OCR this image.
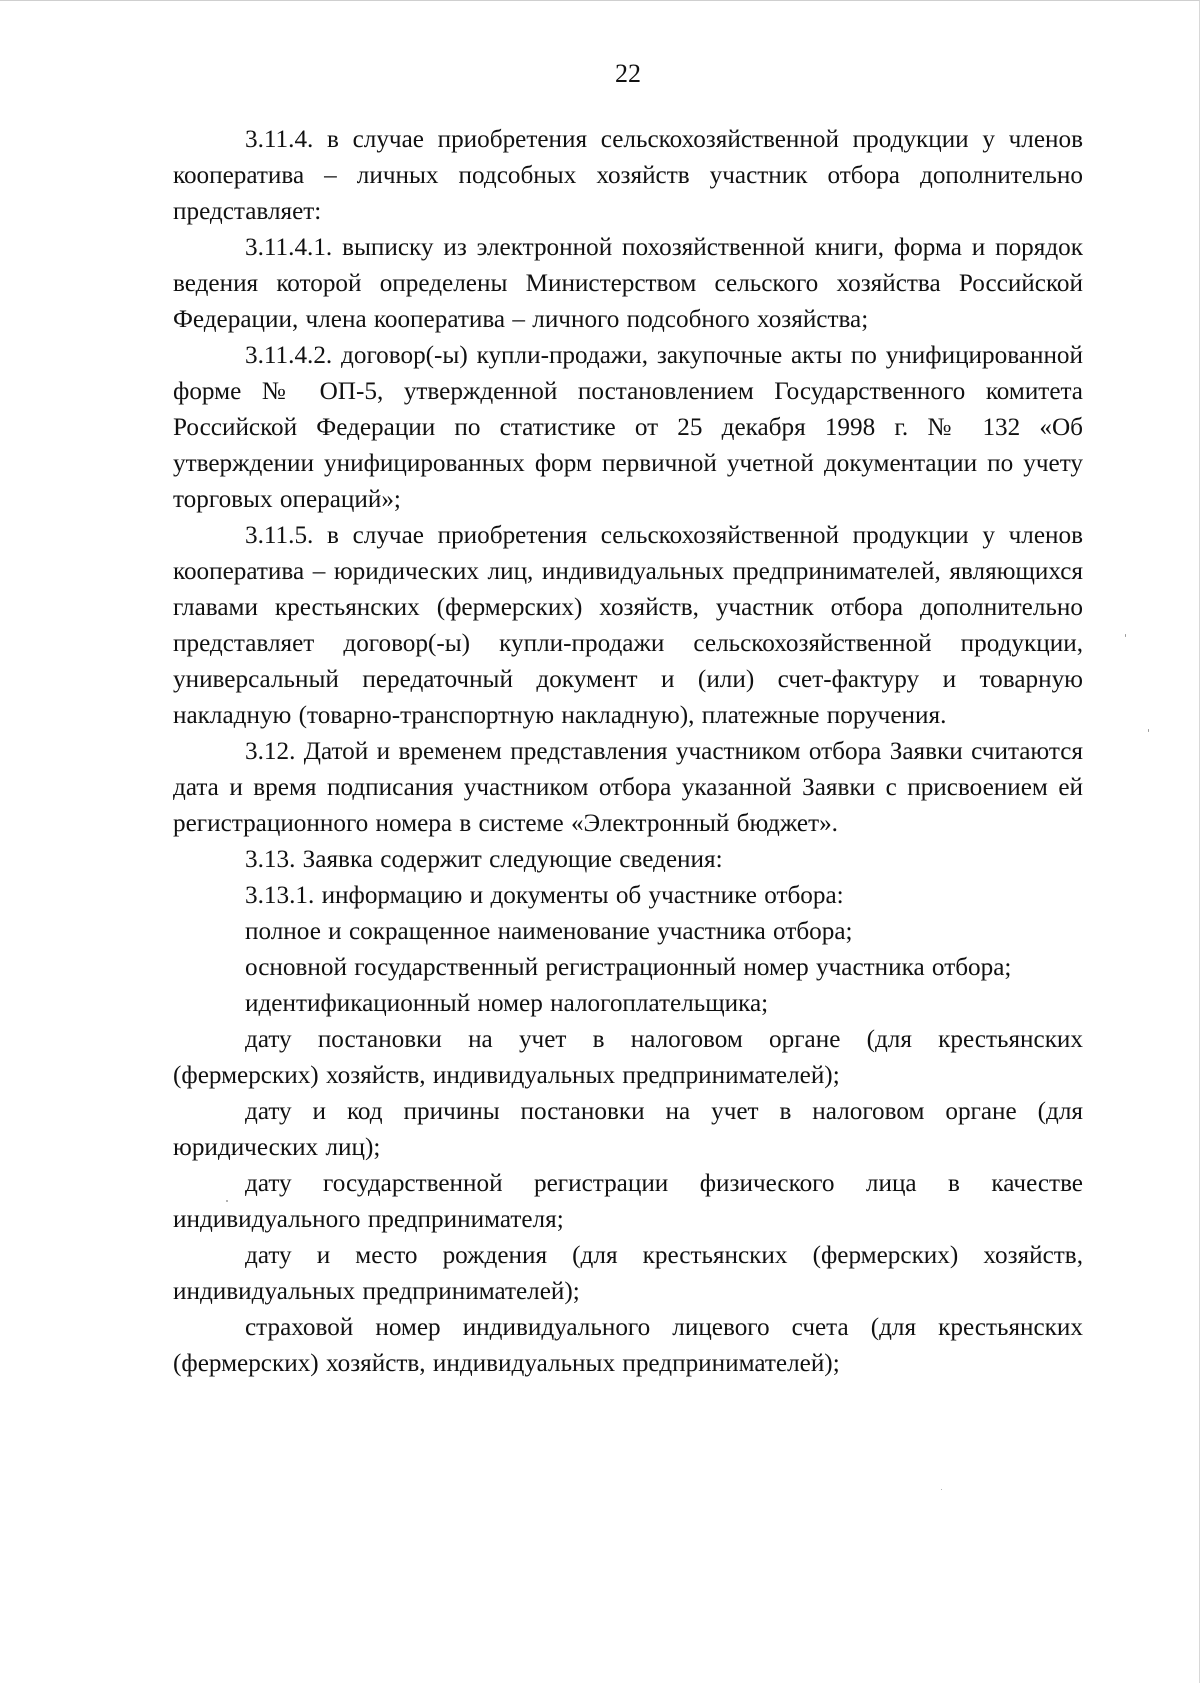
22

3.11.4. в случае приобретения сельскохозяйственной продукции у членов кооператива – личных подсобных хозяйств участник отбора дополнительно представляет:

3.11.4.1. выписку из электронной похозяйственной книги, форма и порядок ведения которой определены Министерством сельского хозяйства Российской Федерации, члена кооператива – личного подсобного хозяйства;

3.11.4.2. договор(-ы) купли-продажи, закупочные акты по унифицированной форме № ОП-5, утвержденной постановлением Государственного комитета Российской Федерации по статистике от 25 декабря 1998 г. № 132 «Об утверждении унифицированных форм первичной учетной документации по учету торговых операций»;

3.11.5. в случае приобретения сельскохозяйственной продукции у членов кооператива – юридических лиц, индивидуальных предпринимателей, являющихся главами крестьянских (фермерских) хозяйств, участник отбора дополнительно представляет договор(-ы) купли-продажи сельскохозяйственной продукции, универсальный передаточный документ и (или) счет-фактуру и товарную накладную (товарно-транспортную накладную), платежные поручения.

3.12. Датой и временем представления участником отбора Заявки считаются дата и время подписания участником отбора указанной Заявки с присвоением ей регистрационного номера в системе «Электронный бюджет».

3.13. Заявка содержит следующие сведения:

3.13.1. информацию и документы об участнике отбора:

полное и сокращенное наименование участника отбора;

основной государственный регистрационный номер участника отбора;

идентификационный номер налогоплательщика;

дату постановки на учет в налоговом органе (для крестьянских (фермерских) хозяйств, индивидуальных предпринимателей);

дату и код причины постановки на учет в налоговом органе (для юридических лиц);

дату государственной регистрации физического лица в качестве индивидуального предпринимателя;

дату и место рождения (для крестьянских (фермерских) хозяйств, индивидуальных предпринимателей);

страховой номер индивидуального лицевого счета (для крестьянских (фермерских) хозяйств, индивидуальных предпринимателей);
